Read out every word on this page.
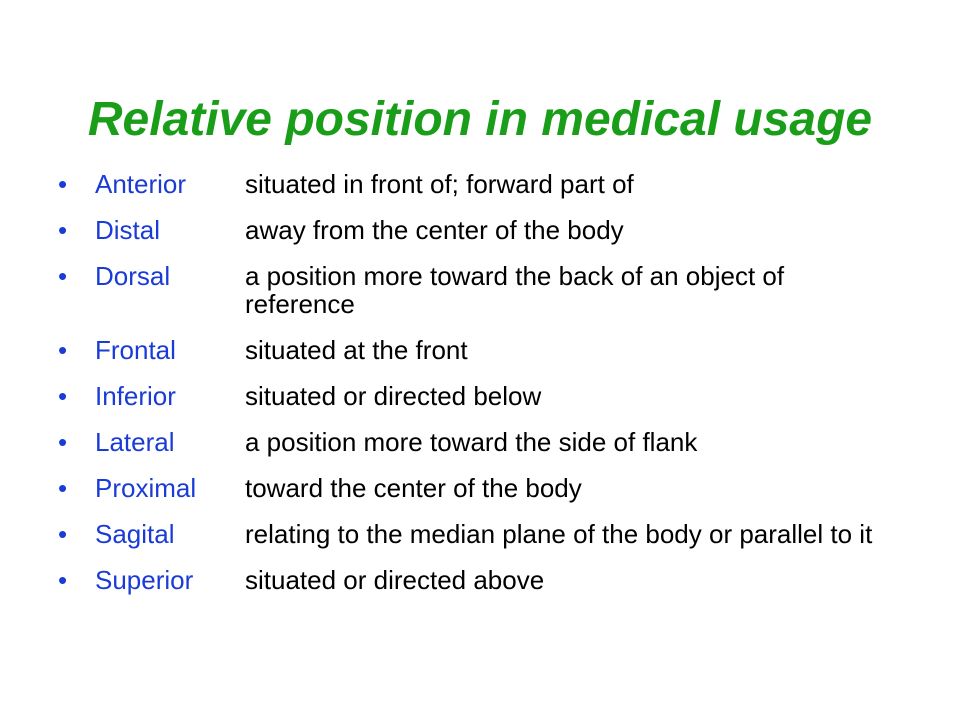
Relative position in medical usage
•	Anterior	situated in front of; forward part of
•	Distal	away from the center of the body
•	Dorsal	a position more toward the back of an object of reference
•	Frontal	situated at the front
•	Inferior	situated or directed below
•	Lateral	a position more toward the side of flank
•	Proximal	toward the center of the body
•	Sagital	relating to the median plane of the body or parallel to it
•	Superior	situated or directed above
